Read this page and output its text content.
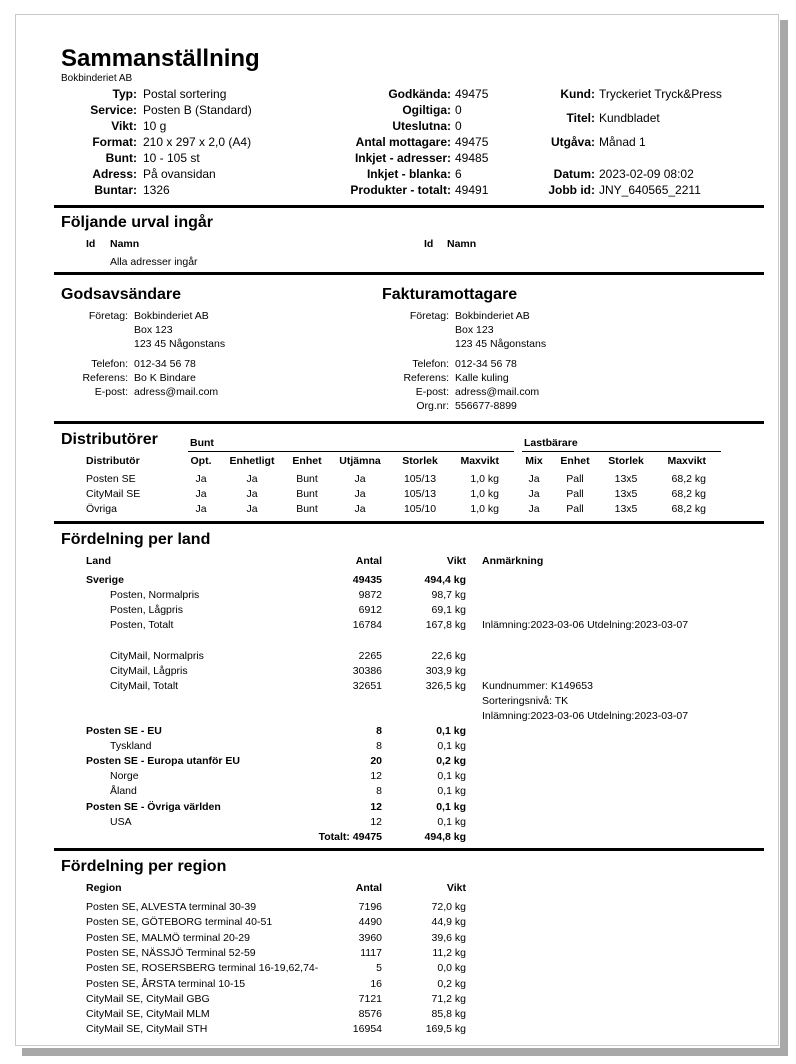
Sammanställning
Bokbinderiet AB
Typ: Postal sortering
Service: Posten B (Standard)
Vikt: 10 g
Format: 210 x 297 x 2,0 (A4)
Bunt: 10 - 105 st
Adress: På ovansidan
Buntar: 1326
Godkända: 49475
Ogiltiga: 0
Uteslutna: 0
Antal mottagare: 49475
Inkjet - adresser: 49485
Inkjet - blanka: 6
Produkter - totalt: 49491
Kund: Tryckeriet Tryck&Press
Titel: Kundbladet
Utgåva: Månad 1
Datum: 2023-02-09 08:02
Jobb id: JNY_640565_2211
Följande urval ingår
Id Namn	Id Namn
Alla adresser ingår
Godsavsändare
Företag: Bokbinderiet AB
Box 123
123 45 Någonstans
Telefon: 012-34 56 78
Referens: Bo K Bindare
E-post: adress@mail.com
Fakturamottagare
Företag: Bokbinderiet AB
Box 123
123 45 Någonstans
Telefon: 012-34 56 78
Referens: Kalle kuling
E-post: adress@mail.com
Org.nr: 556677-8899
Distributörer	Bunt	Lastbärare
Distributör	Opt.	Enhetligt	Enhet	Utjämna	Storlek	Maxvikt	Mix	Enhet	Storlek	Maxvikt
Posten SE	Ja	Ja	Bunt	Ja	105/13	1,0 kg	Ja	Pall	13x5	68,2 kg
CityMail SE	Ja	Ja	Bunt	Ja	105/13	1,0 kg	Ja	Pall	13x5	68,2 kg
Övriga	Ja	Ja	Bunt	Ja	105/10	1,0 kg	Ja	Pall	13x5	68,2 kg
Fördelning per land
Land	Antal	Vikt Anmärkning
Sverige	49435	494,4 kg
Posten, Normalpris	9872	98,7 kg
Posten, Lågpris	6912	69,1 kg
Posten, Totalt	16784	167,8 kg Inlämning:2023-03-06 Utdelning:2023-03-07
CityMail, Normalpris	2265	22,6 kg
CityMail, Lågpris	30386	303,9 kg
CityMail, Totalt	32651	326,5 kg Kundnummer: K149653
Sorteringsnivå: TK
Inlämning:2023-03-06 Utdelning:2023-03-07
Posten SE - EU	8	0,1 kg
Tyskland	8	0,1 kg
Posten SE - Europa utanför EU	20	0,2 kg
Norge	12	0,1 kg
Åland	8	0,1 kg
Posten SE - Övriga världen	12	0,1 kg
USA	12	0,1 kg
Totalt: 49475	494,8 kg
Fördelning per region
Region	Antal	Vikt
Posten SE, ALVESTA terminal 30-39	7196	72,0 kg
Posten SE, GÖTEBORG terminal 40-51	4490	44,9 kg
Posten SE, MALMÖ terminal 20-29	3960	39,6 kg
Posten SE, NÄSSJÖ Terminal 52-59	1117	11,2 kg
Posten SE, ROSERSBERG terminal 16-19,62,74-	5	0,0 kg
Posten SE, ÅRSTA terminal 10-15	16	0,2 kg
CityMail SE, CityMail GBG	7121	71,2 kg
CityMail SE, CityMail MLM	8576	85,8 kg
CityMail SE, CityMail STH	16954	169,5 kg
